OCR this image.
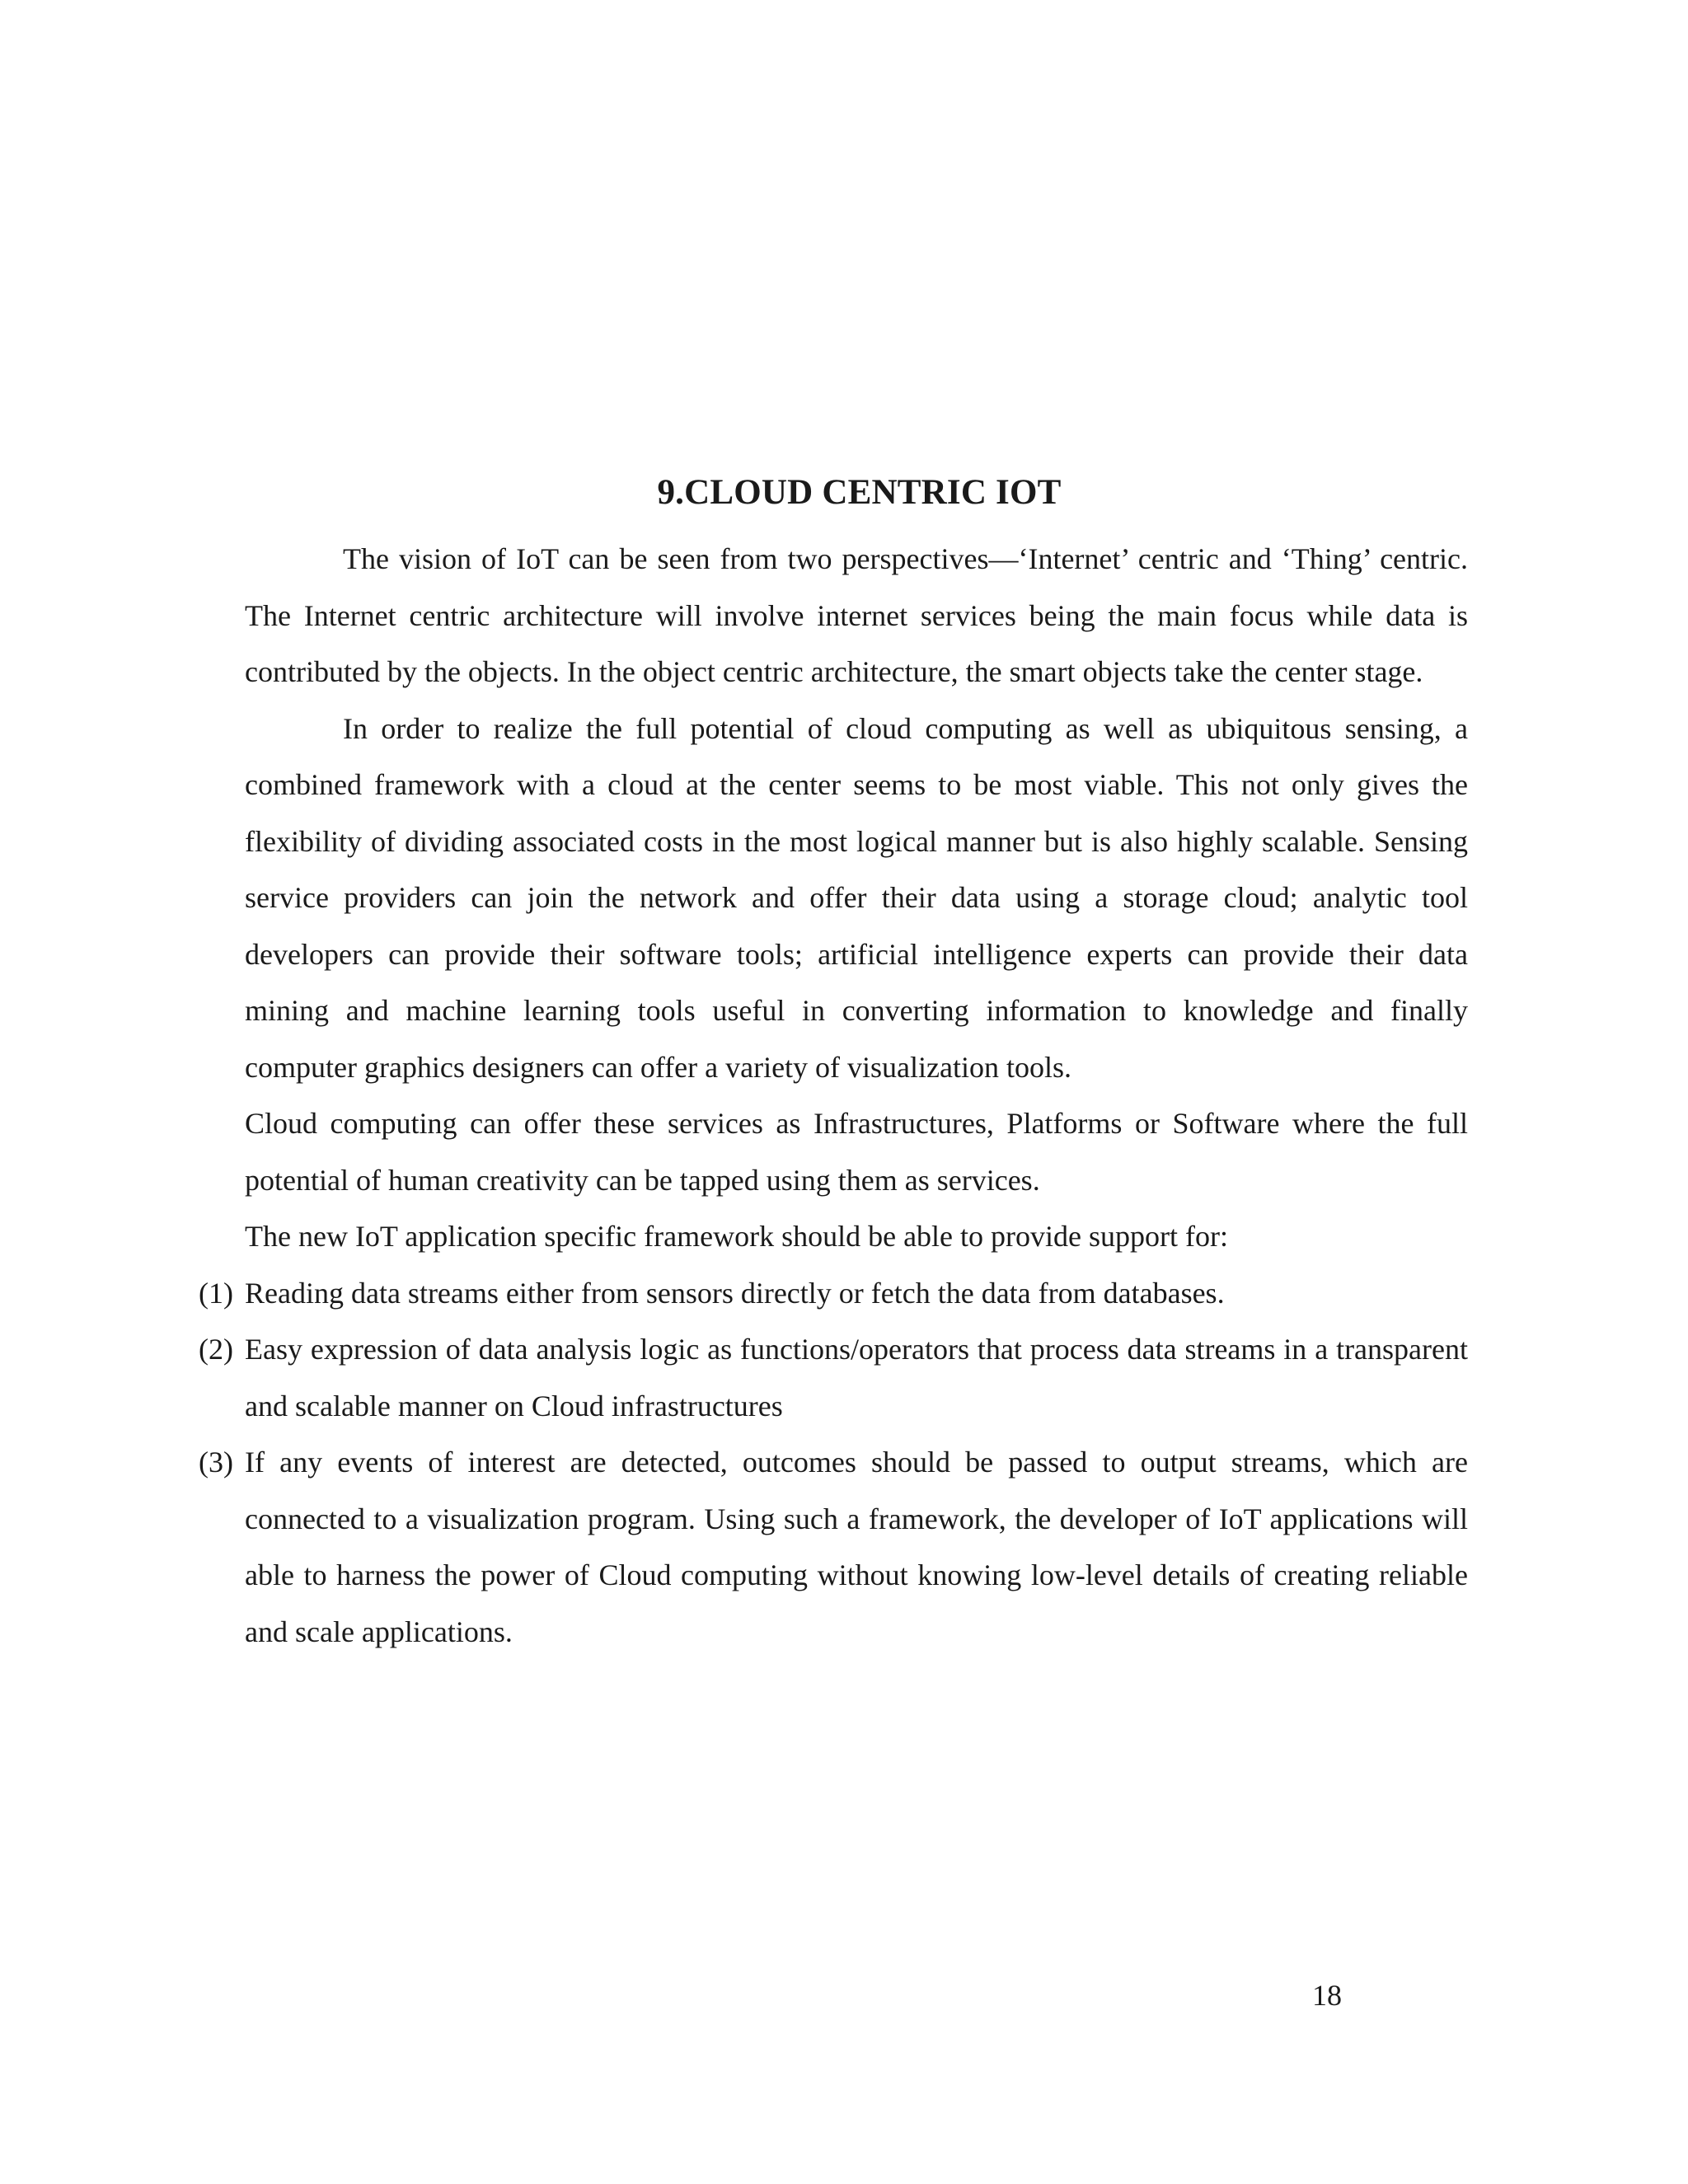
9.CLOUD CENTRIC IOT

The vision of IoT can be seen from two perspectives—‘Internet’ centric and ‘Thing’ centric. The Internet centric architecture will involve internet services being the main focus while data is contributed by the objects. In the object centric architecture, the smart objects take the center stage.

In order to realize the full potential of cloud computing as well as ubiquitous sensing, a combined framework with a cloud at the center seems to be most viable. This not only gives the flexibility of dividing associated costs in the most logical manner but is also highly scalable. Sensing service providers can join the network and offer their data using a storage cloud; analytic tool developers can provide their software tools; artificial intelligence experts can provide their data mining and machine learning tools useful in converting information to knowledge and finally computer graphics designers can offer a variety of visualization tools.

Cloud computing can offer these services as Infrastructures, Platforms or Software where the full potential of human creativity can be tapped using them as services.

The new IoT application specific framework should be able to provide support for:

(1) Reading data streams either from sensors directly or fetch the data from databases.
(2) Easy expression of data analysis logic as functions/operators that process data streams in a transparent and scalable manner on Cloud infrastructures
(3) If any events of interest are detected, outcomes should be passed to output streams, which are connected to a visualization program. Using such a framework, the developer of IoT applications will able to harness the power of Cloud computing without knowing low-level details of creating reliable and scale applications.
18
